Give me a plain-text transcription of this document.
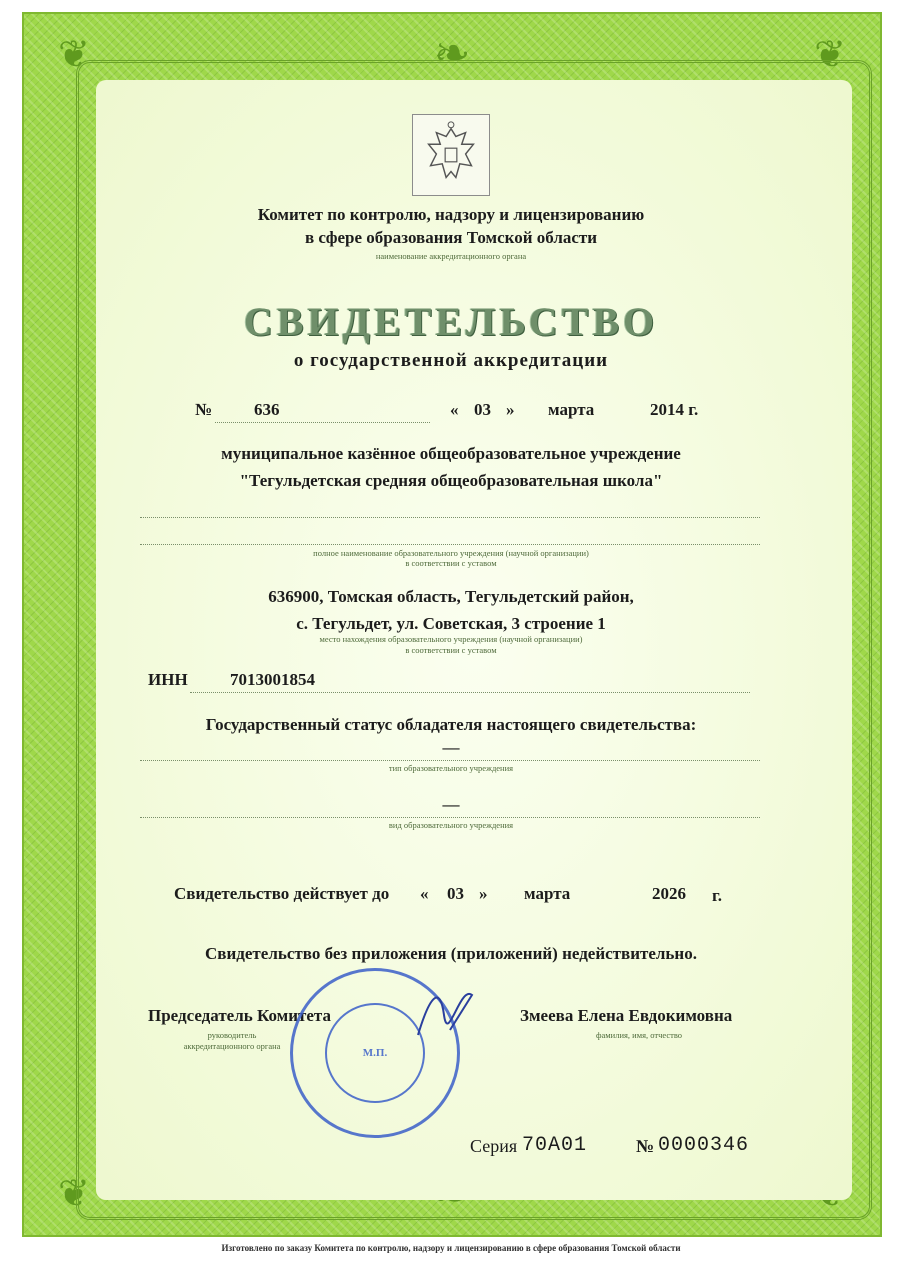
❦	❦
❦
❧
Комитет по контролю, надзору и лицензированию
в сфере образования Томской области
наименование аккредитационного органа
СВИДЕТЕЛЬСТВО
о государственной аккредитации
№ 636	« 03 » марта	2014 г.
муниципальное казённое общеобразовательное учреждение
"Тегульдетская средняя общеобразовательная школа"
полное наименование образовательного учреждения (научной организации)
в соответствии с уставом
636900, Томская область, Тегульдетский район,
с. Тегульдет, ул. Советская, 3 строение 1
место нахождения образовательного учреждения (научной организации)
в соответствии с уставом
ИНН 7013001854
Государственный статус обладателя настоящего свидетельства:
—
тип образовательного учреждения
—
вид образовательного учреждения
Свидетельство действует до « 03 » марта	2026 г.
Свидетельство без приложения (приложений) недействительно.
Председатель Комитета
руководитель аккредитационного органа
Змеева Елена Евдокимовна
фамилия, имя, отчество
М.П.
Серия 70А01	№ 0000346
Изготовлено по заказу Комитета по контролю, надзору и лицензированию в сфере образования Томской области
